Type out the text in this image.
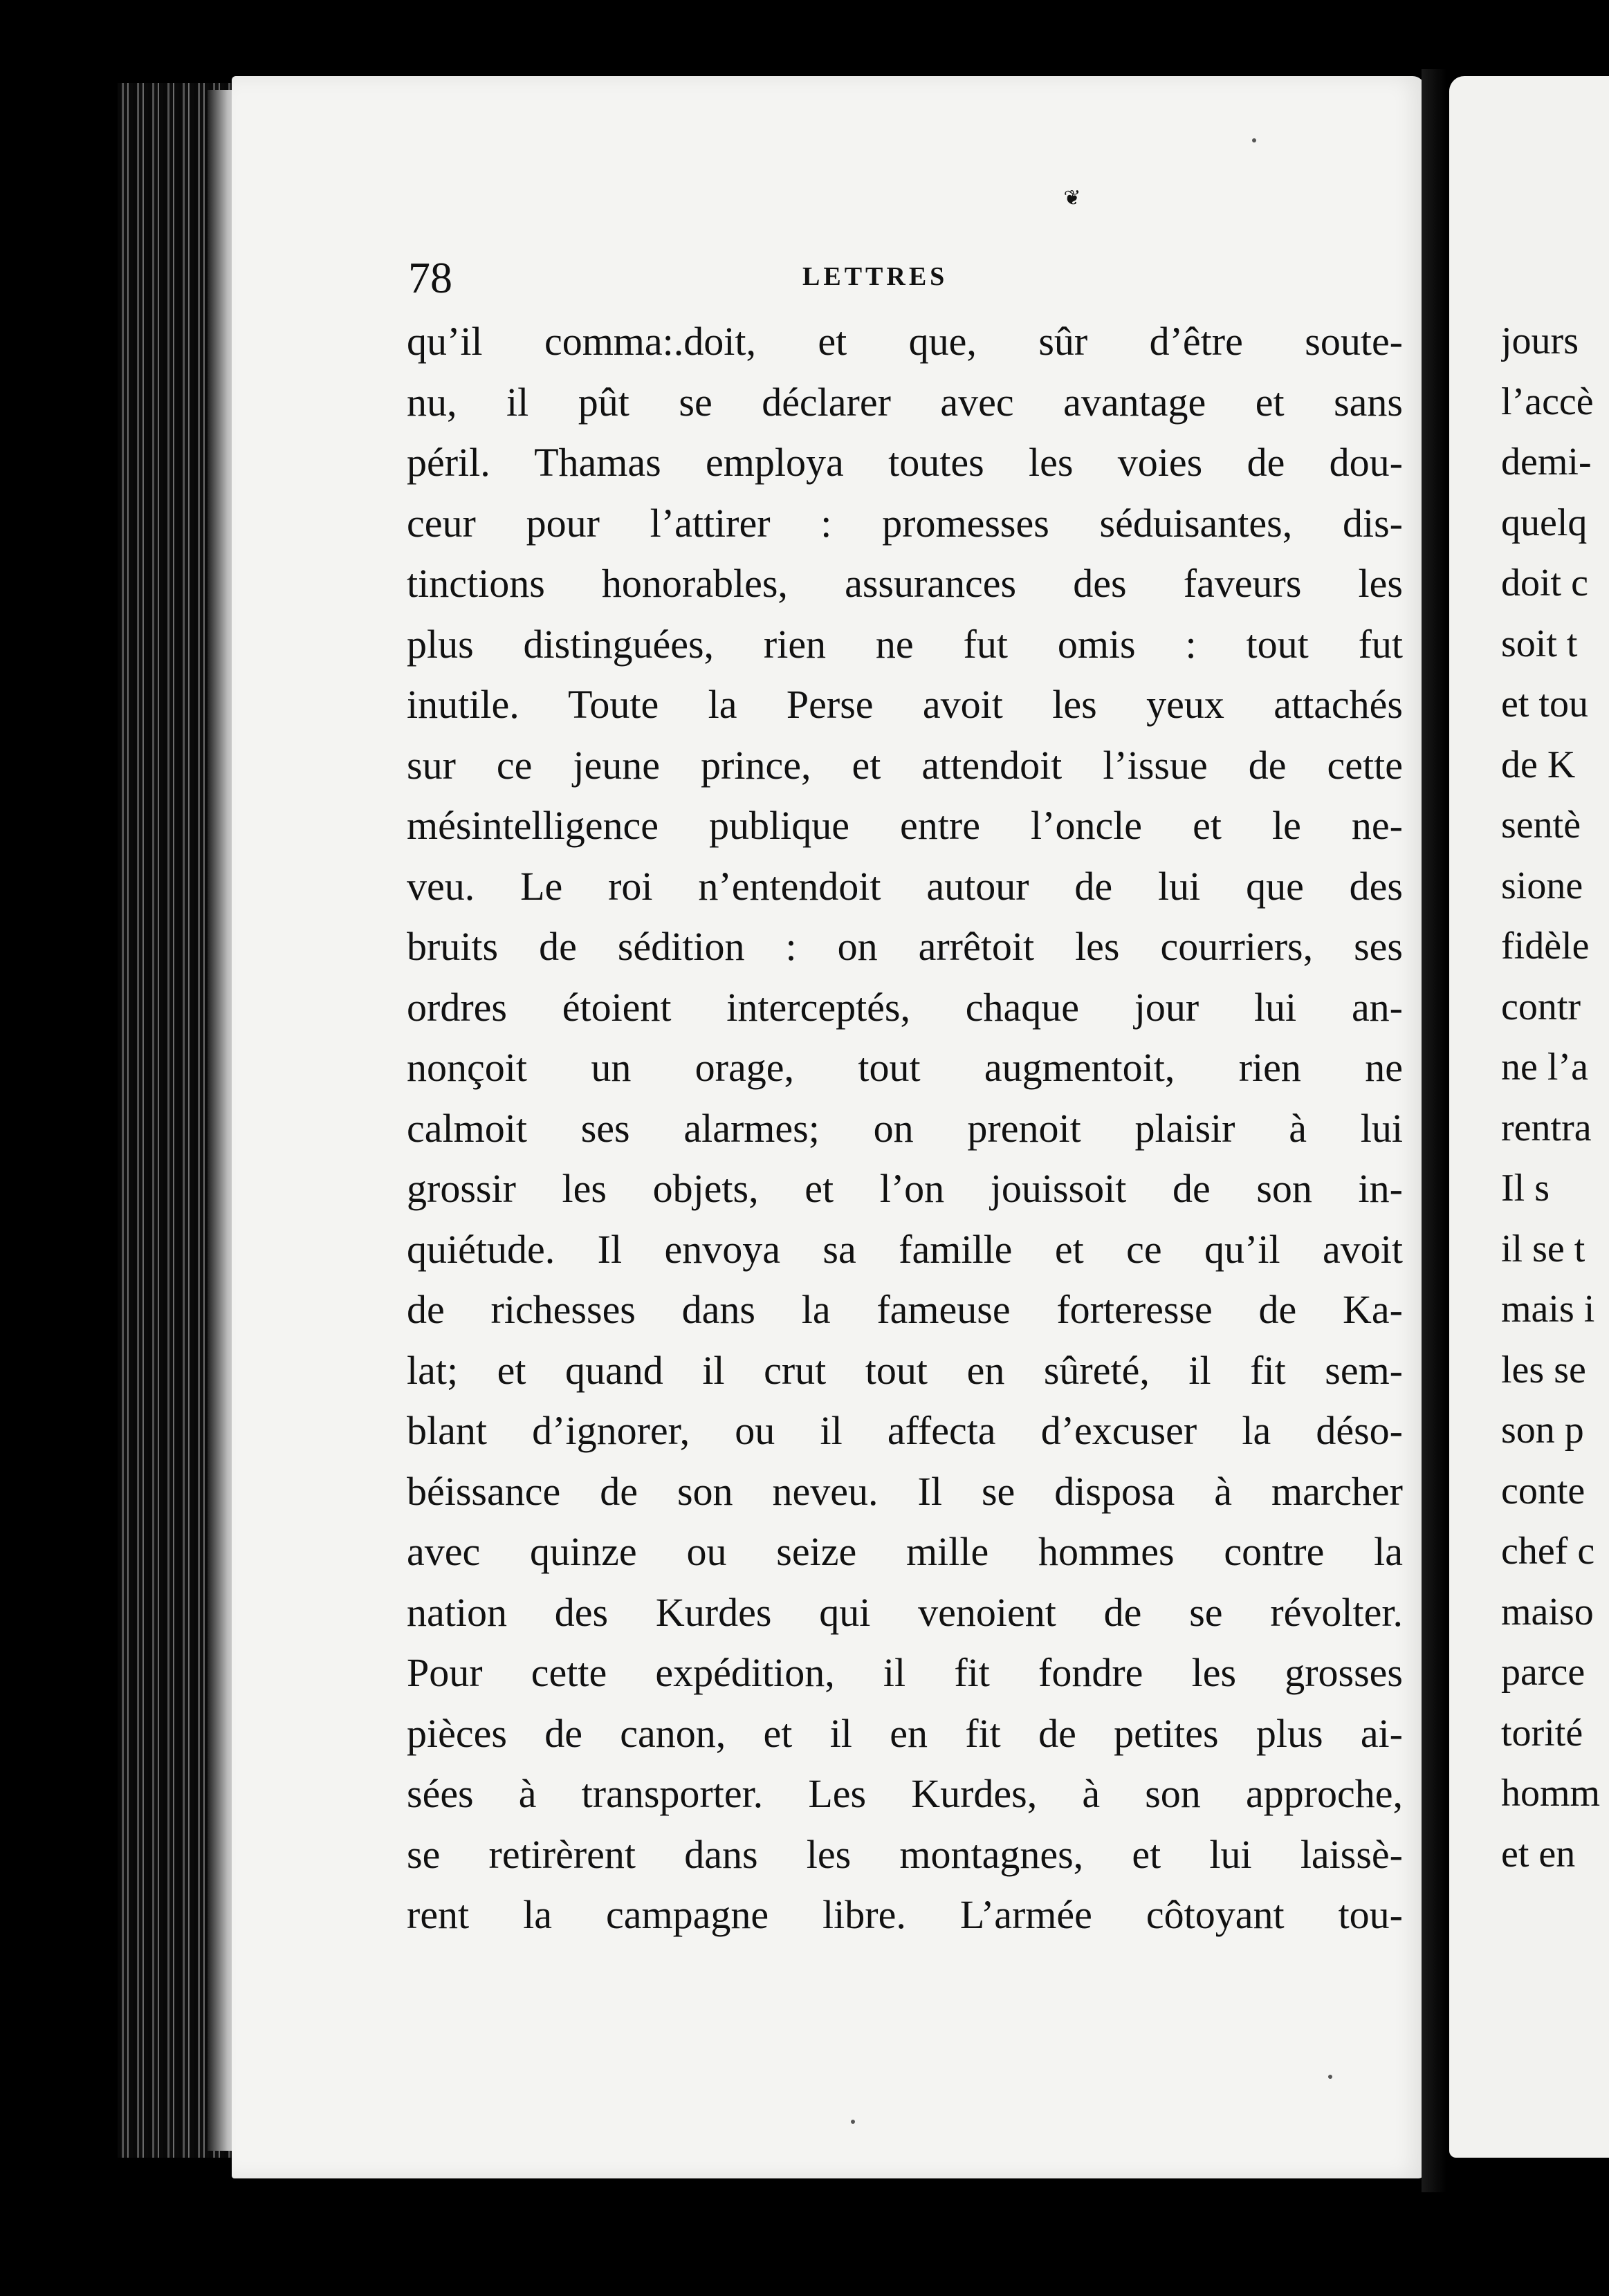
❦
78	LETTRES
qu’il comma:.doit, et que, sûr d’être soute-
nu, il pût se déclarer avec avantage et sans
péril. Thamas employa toutes les voies de dou-
ceur pour l’attirer : promesses séduisantes, dis-
tinctions honorables, assurances des faveurs les
plus distinguées, rien ne fut omis : tout fut
inutile. Toute la Perse avoit les yeux attachés
sur ce jeune prince, et attendoit l’issue de cette
mésintelligence publique entre l’oncle et le ne-
veu. Le roi n’entendoit autour de lui que des
bruits de sédition : on arrêtoit les courriers, ses
ordres étoient interceptés, chaque jour lui an-
nonçoit un orage, tout augmentoit, rien ne
calmoit ses alarmes; on prenoit plaisir à lui
grossir les objets, et l’on jouissoit de son in-
quiétude. Il envoya sa famille et ce qu’il avoit
de richesses dans la fameuse forteresse de Ka-
lat; et quand il crut tout en sûreté, il fit sem-
blant d’ignorer, ou il affecta d’excuser la déso-
béissance de son neveu. Il se disposa à marcher
avec quinze ou seize mille hommes contre la
nation des Kurdes qui venoient de se révolter.
Pour cette expédition, il fit fondre les grosses
pièces de canon, et il en fit de petites plus ai-
sées à transporter. Les Kurdes, à son approche,
se retirèrent dans les montagnes, et lui laissè-
rent la campagne libre. L’armée côtoyant tou-
jours
l’accè
demi-
quelq
doit c
soit t
et tou
de K
sentè
sione
fidèle
contr
ne l’a
rentra
Il s
il se t
mais i
les se
son p
conte
chef c
maiso
parce
torité
homm
et en
